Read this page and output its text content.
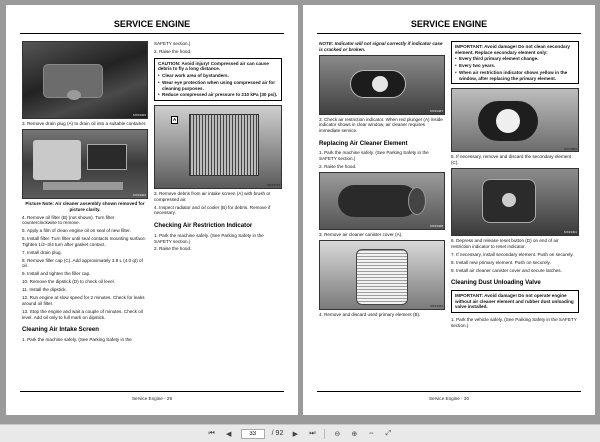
SERVICE ENGINE
MX23403

3. Remove drain plug (A) to drain oil into a suitable container.

MX23404

Picture Note: Air cleaner assembly shown removed for picture clarity.

4. Remove oil filter (B) (not shown). Turn filter counterclockwise to remove.

5. Apply a film of clean engine oil on seal of new filter.

6. Install filter. Turn filter until seal contacts mounting surface. Tighten 1/2–3/4 turn after gasket contact.

7. Install drain plug.

8. Remove filler cap (C). Add approximately 3.8 L (4.0 qt) of oil.

9. Install and tighten the filler cap.

10. Remove the dipstick (D) to check oil level.

11. Install the dipstick.

12. Run engine at slow speed for 2 minutes. Check for leaks around oil filter.

13. Stop the engine and wait a couple of minutes. Check oil level. Add oil only to full mark on dipstick.

Cleaning Air Intake Screen

1. Park the machine safely. (See Parking Safety in the

SAFETY section.)

2. Raise the hood.

CAUTION: Avoid injury! Compressed air can cause debris to fly a long distance.
• Clear work area of bystanders.
• Wear eye protection when using compressed air for cleaning purposes.
• Reduce compressed air pressure to 210 kPa (30 psi).
A
MX23470

3. Remove debris from air intake screen (A) with brush or compressed air.

4. Inspect radiator and oil cooler (B) for debris. Remove if necessary.

Checking Air Restriction Indicator

1. Park the machine safely. (See Parking Safety in the SAFETY section.)

2. Raise the hood.

Service Engine - 29
SERVICE ENGINE

NOTE: Indicator will not signal correctly if indicator case is cracked or broken.

MX23467

3. Check air restriction indicator. When red plunger (A) inside indicator shows in clear window, air cleaner requires immediate service.

Replacing Air Cleaner Element

1. Park the machine safely. (See Parking Safety in the SAFETY section.)

2. Raise the hood.

MX23468

3. Remove air cleaner canister cover (A).

MX23469

4. Remove and discard used primary element (B).

IMPORTANT: Avoid damage! Do not clean secondary element. Replace secondary element only:
• Every third primary element change.
• Every two years.
• When air restriction indicator shows yellow in the window, after replacing the primary element.
MX23800

5. If necessary, remove and discard the secondary element (C).

MX23401

6. Depress and release reset button (D) on end of air restriction indicator to reset indicator.

7. If necessary, install secondary element. Push on securely.

8. Install new primary element. Push on securely.

9. Install air cleaner canister cover and secure latches.

Cleaning Dust Unloading Valve
IMPORTANT: Avoid damage! Do not operate engine without air cleaner element and rubber dust unloading valve installed.

1. Park the vehicle safely. (See Parking Safety in the SAFETY section.)

Service Engine - 30
⏮	◀
33	/ 92	▶	⏭	⊖ ⊕ ⇔	⤢
